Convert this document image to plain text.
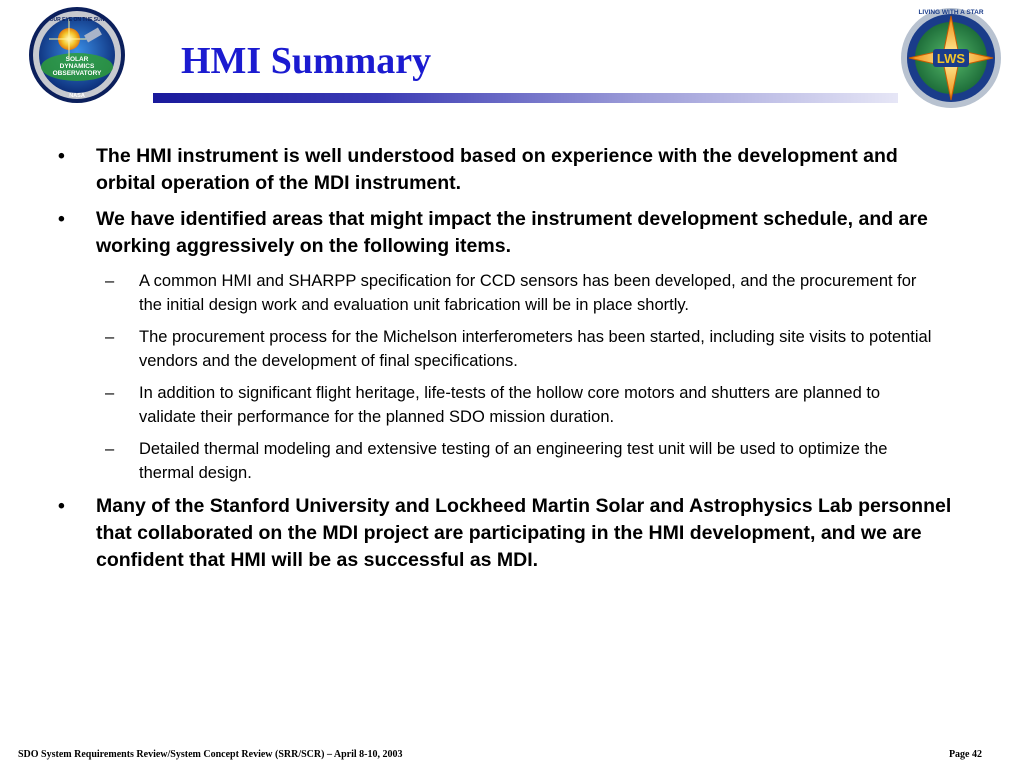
SOLAR
DYNAMICS
OBSERVATORY
OUR EYE ON THE SUN
NASA
HMI Summary	LWS
LIVING WITH A STAR
• The HMI instrument is well understood based on experience with the development and orbital operation of the MDI instrument.
• We have identified areas that might impact the instrument development schedule, and are working aggressively on the following items.
– A common HMI and SHARPP specification for CCD sensors has been developed, and the procurement for the initial design work and evaluation unit fabrication will be in place shortly.
– The procurement process for the Michelson interferometers has been started, including site visits to potential vendors and the development of final specifications.
– In addition to significant flight heritage, life-tests of the hollow core motors and shutters are planned to validate their performance for the planned SDO mission duration.
– Detailed thermal modeling and extensive testing of an engineering test unit will be used to optimize the thermal design.
• Many of the Stanford University and Lockheed Martin Solar and Astrophysics Lab personnel that collaborated on the MDI project are participating in the HMI development, and we are confident that HMI will be as successful as MDI.
SDO System Requirements Review/System Concept Review (SRR/SCR) – April 8-10, 2003	Page 42
